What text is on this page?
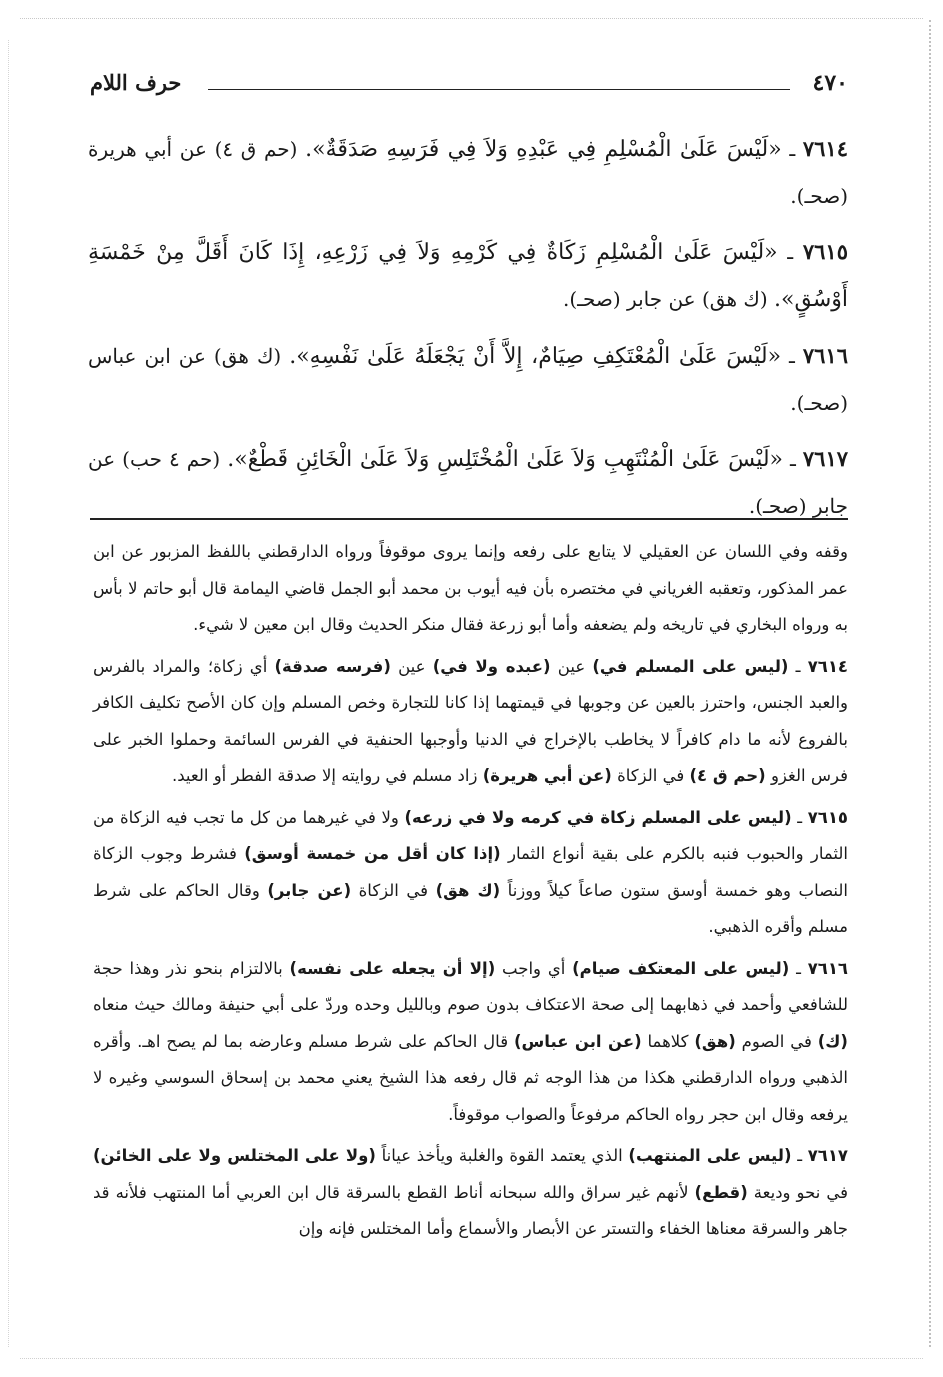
٤٧٠
حرف اللام

٧٦١٤ ـ «لَيْسَ عَلَىٰ الْمُسْلِمِ فِي عَبْدِهِ وَلاَ فِي فَرَسِهِ صَدَقَةٌ». (حم ق ٤) عن أبي هريرة (صحـ).

٧٦١٥ ـ «لَيْسَ عَلَىٰ الْمُسْلِمِ زَكَاةٌ فِي كَرْمِهِ وَلاَ فِي زَرْعِهِ، إِذَا كَانَ أَقَلَّ مِنْ خَمْسَةِ أَوْسُقٍ». (ك هق) عن جابر (صحـ).

٧٦١٦ ـ «لَيْسَ عَلَىٰ الْمُعْتَكِفِ صِيَامٌ، إِلاَّ أَنْ يَجْعَلَهُ عَلَىٰ نَفْسِهِ». (ك هق) عن ابن عباس (صحـ).

٧٦١٧ ـ «لَيْسَ عَلَىٰ الْمُنْتَهِبِ وَلاَ عَلَىٰ الْمُخْتَلِسِ وَلاَ عَلَىٰ الْخَائِنِ قَطْعٌ». (حم ٤ حب) عن جابر (صحـ).

وقفه وفي اللسان عن العقيلي لا يتابع على رفعه وإنما يروى موقوفاً ورواه الدارقطني باللفظ المزبور عن ابن عمر المذكور، وتعقبه الغرياني في مختصره بأن فيه أيوب بن محمد أبو الجمل قاضي اليمامة قال أبو حاتم لا بأس به ورواه البخاري في تاريخه ولم يضعفه وأما أبو زرعة فقال منكر الحديث وقال ابن معين لا شيء.

٧٦١٤ ـ (ليس على المسلم في) عين (عبده ولا في) عين (فرسه صدقة) أي زكاة؛ والمراد بالفرس والعبد الجنس، واحترز بالعين عن وجوبها في قيمتهما إذا كانا للتجارة وخص المسلم وإن كان الأصح تكليف الكافر بالفروع لأنه ما دام كافراً لا يخاطب بالإخراج في الدنيا وأوجبها الحنفية في الفرس السائمة وحملوا الخبر على فرس الغزو (حم ق ٤) في الزكاة (عن أبي هريرة) زاد مسلم في روايته إلا صدقة الفطر أو العيد.

٧٦١٥ ـ (ليس على المسلم زكاة في كرمه ولا في زرعه) ولا في غيرهما من كل ما تجب فيه الزكاة من الثمار والحبوب فنبه بالكرم على بقية أنواع الثمار (إذا كان أقل من خمسة أوسق) فشرط وجوب الزكاة النصاب وهو خمسة أوسق ستون صاعاً كيلاً ووزناً (ك هق) في الزكاة (عن جابر) وقال الحاكم على شرط مسلم وأقره الذهبي.

٧٦١٦ ـ (ليس على المعتكف صيام) أي واجب (إلا أن يجعله على نفسه) بالالتزام بنحو نذر وهذا حجة للشافعي وأحمد في ذهابهما إلى صحة الاعتكاف بدون صوم وبالليل وحده وردّ على أبي حنيفة ومالك حيث منعاه (ك) في الصوم (هق) كلاهما (عن ابن عباس) قال الحاكم على شرط مسلم وعارضه بما لم يصح اهـ. وأقره الذهبي ورواه الدارقطني هكذا من هذا الوجه ثم قال رفعه هذا الشيخ يعني محمد بن إسحاق السوسي وغيره لا يرفعه وقال ابن حجر رواه الحاكم مرفوعاً والصواب موقوفاً.

٧٦١٧ ـ (ليس على المنتهب) الذي يعتمد القوة والغلبة ويأخذ عياناً (ولا على المختلس ولا على الخائن) في نحو وديعة (قطع) لأنهم غير سراق والله سبحانه أناط القطع بالسرقة قال ابن العربي أما المنتهب فلأنه قد جاهر والسرقة معناها الخفاء والتستر عن الأبصار والأسماع وأما المختلس فإنه وإن
